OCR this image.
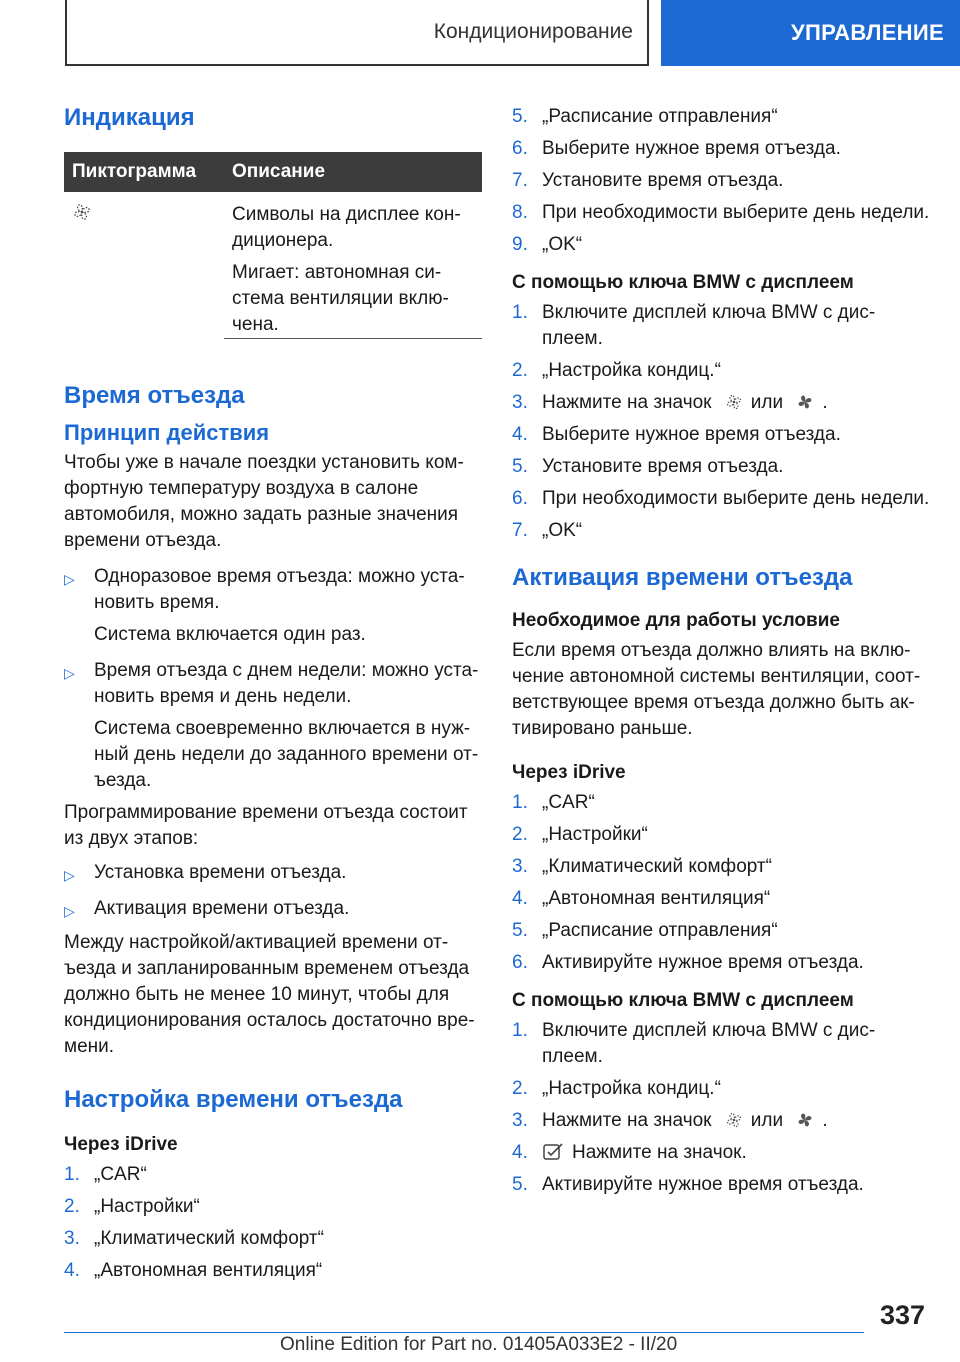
Кондиционирование	УПРАВЛЕНИЕ
Индикация
Пиктограмма	Описание

Символы на дисплее кон-диционера.

Мигает: автономная си-стема вентиляции вклю-чена.

Время отъезда
Принцип действия

Чтобы уже в начале поездки установить ком-фортную температуру воздуха в салоне автомобиля, можно задать разные значения времени отъезда.

▷	Одноразовое время отъезда: можно уста-новить время.
Система включается один раз.
▷	Время отъезда с днем недели: можно уста-новить время и день недели.
Система своевременно включается в нуж-ный день недели до заданного времени от-ъезда.

Программирование времени отъезда состоит из двух этапов:

▷	Установка времени отъезда.
▷	Активация времени отъезда.

Между настройкой/активацией времени от-ъезда и запланированным временем отъезда должно быть не менее 10 минут, чтобы для кондиционирования осталось достаточно вре-мени.

Настройка времени отъезда
Через iDrive
1. „CAR“
2. „Настройки“
3. „Климатический комфорт“
4. „Автономная вентиляция“
5. „Расписание отправления“
6. Выберите нужное время отъезда.
7. Установите время отъезда.
8. При необходимости выберите день недели.
9. „OK“
С помощью ключа BMW с дисплеем
1. Включите дисплей ключа BMW с дис-плеем.
2. „Настройка кондиц.“
3. Нажмите на значок или .
4. Выберите нужное время отъезда.
5. Установите время отъезда.
6. При необходимости выберите день недели.
7. „OK“
Активация времени отъезда
Необходимое для работы условие

Если время отъезда должно влиять на вклю-чение автономной системы вентиляции, соот-ветствующее время отъезда должно быть ак-тивировано раньше.

Через iDrive
1. „CAR“
2. „Настройки“
3. „Климатический комфорт“
4. „Автономная вентиляция“
5. „Расписание отправления“
6. Активируйте нужное время отъезда.
С помощью ключа BMW с дисплеем
1. Включите дисплей ключа BMW с дис-плеем.
2. „Настройка кондиц.“
3. Нажмите на значок или .
4.	Нажмите на значок.
5. Активируйте нужное время отъезда.
337
Online Edition for Part no. 01405A033E2 - II/20
